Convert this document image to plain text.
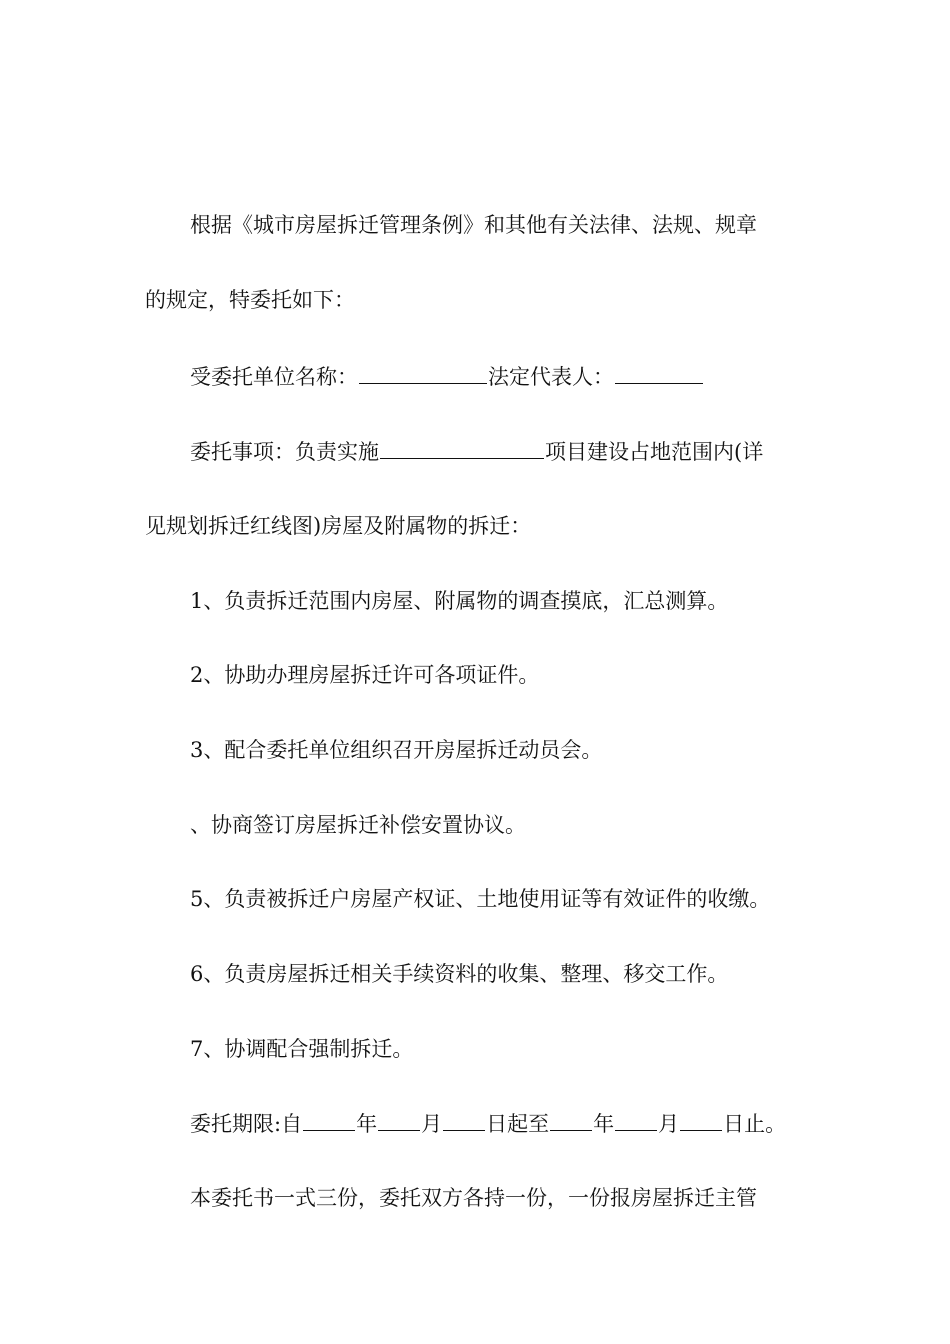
根据《城市房屋拆迁管理条例》和其他有关法律、法规、规章
的规定，特委托如下：
受委托单位名称：	法定代表人：
委托事项：负责实施	项目建设占地范围内(详
见规划拆迁红线图)房屋及附属物的拆迁：
1、负责拆迁范围内房屋、附属物的调查摸底，汇总测算。
2、协助办理房屋拆迁许可各项证件。
3、配合委托单位组织召开房屋拆迁动员会。
、协商签订房屋拆迁补偿安置协议。
5、负责被拆迁户房屋产权证、土地使用证等有效证件的收缴。
6、负责房屋拆迁相关手续资料的收集、整理、移交工作。
7、协调配合强制拆迁。
委托期限:自	年 月 日起至 年 月 日止。
本委托书一式三份，委托双方各持一份，一份报房屋拆迁主管
